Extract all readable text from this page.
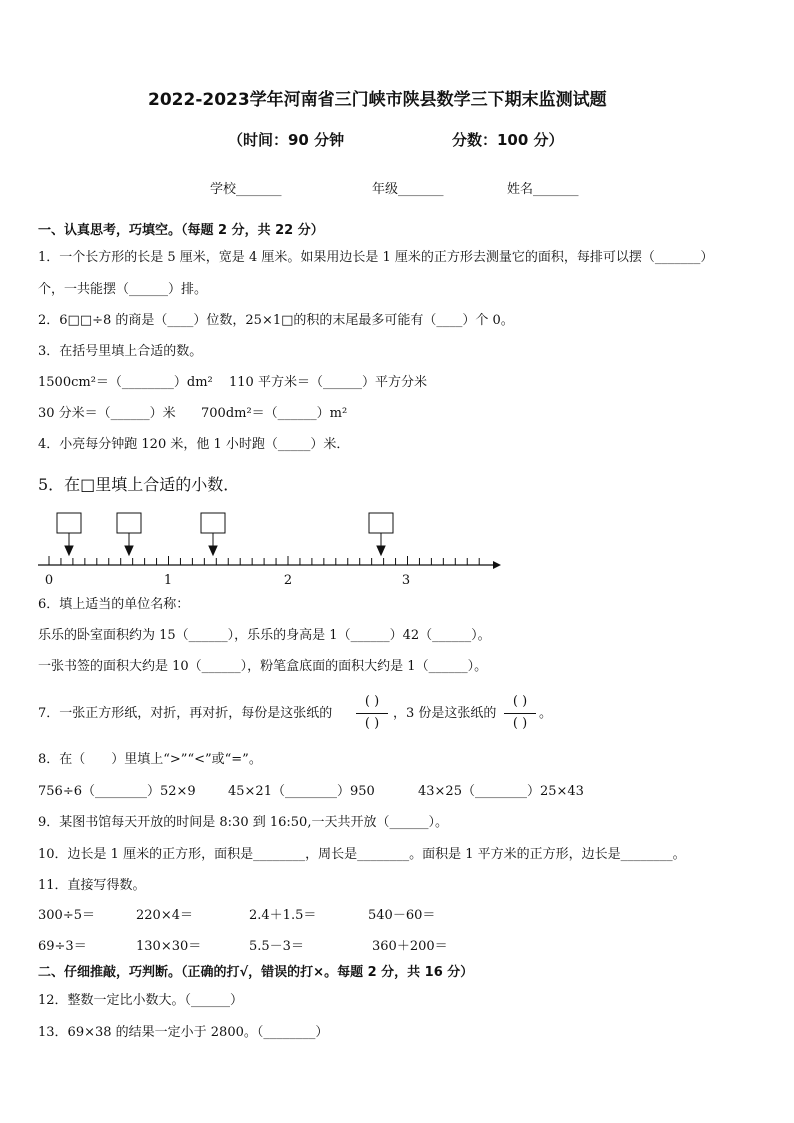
2022-2023学年河南省三门峡市陕县数学三下期末监测试题
（时间：90 分钟	分数：100 分）
学校_______	年级_______	姓名_______
一、认真思考，巧填空。（每题 2 分，共 22 分）
1．一个长方形的长是 5 厘米，宽是 4 厘米。如果用边长是 1 厘米的正方形去测量它的面积，每排可以摆（_______）
个，一共能摆（______）排。
2．6□□÷8 的商是（____）位数，25×1□的积的末尾最多可能有（____）个 0。
3．在括号里填上合适的数。
1500cm²＝（________）dm² 110 平方米＝（______）平方分米
30 分米＝（______）米 700dm²＝（______）m²
4．小亮每分钟跑 120 米，他 1 小时跑（_____）米．
5．在□里填上合适的小数．
0	1	2	3
6．填上适当的单位名称：
乐乐的卧室面积约为 15（______），乐乐的身高是 1（______）42（______）。
一张书签的面积大约是 10（______），粉笔盒底面的面积大约是 1（______）。
7．一张正方形纸，对折，再对折，每份是这张纸的
( )
( )
，3 份是这张纸的
( )
( )
。
8．在（　　）里填上“>”“<”或“=”。
756÷6（________）52×9 45×21（________）950	43×25（________）25×43
9．某图书馆每天开放的时间是 8:30 到 16:50,一天共开放（______）。
10．边长是 1 厘米的正方形，面积是________，周长是________。面积是 1 平方米的正方形，边长是________。
11．直接写得数。
300÷5＝	220×4＝	2.4＋1.5＝	540－60＝
69÷3＝	130×30＝	5.5－3＝	360＋200＝
二、仔细推敲，巧判断。（正确的打√，错误的打×。每题 2 分，共 16 分）
12．整数一定比小数大。（______）
13．69×38 的结果一定小于 2800。（________）
